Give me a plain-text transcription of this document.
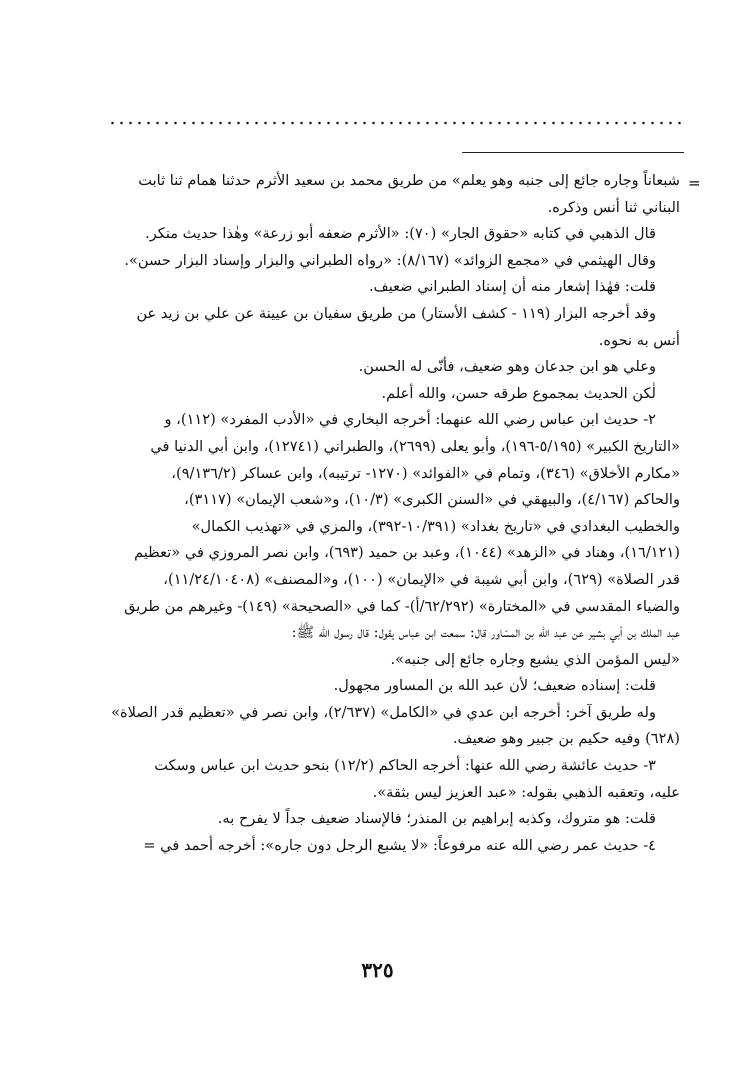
=
شبعاناً وجاره جائع إلى جنبه وهو يعلم» من طريق محمد بن سعيد الأثرم حدثنا همام ثنا ثابت
البناني ثنا أنس وذكره.
قال الذهبي في كتابه «حقوق الجار» (٧٠): «الأثرم ضعفه أبو زرعة» وهٰذا حديث منكر.
وقال الهيثمي في «مجمع الزوائد» (٨/١٦٧): «رواه الطبراني والبزار وإسناد البزار حسن».
قلت: فهٰذا إشعار منه أن إسناد الطبراني ضعيف.
وقد أخرجه البزار (١١٩ - كشف الأستار) من طريق سفيان بن عيينة عن علي بن زيد عن
أنس به نحوه.
وعلي هو ابن جدعان وهو ضعيف، فأنّى له الحسن.
لٰكن الحديث بمجموع طرقه حسن، والله أعلم.
٢- حديث ابن عباس رضي الله عنهما: أخرجه البخاري في «الأدب المفرد» (١١٢)، و
«التاريخ الكبير» (٥/١٩٥-١٩٦)، وأبو يعلى (٢٦٩٩)، والطبراني (١٢٧٤١)، وابن أبي الدنيا في
«مكارم الأخلاق» (٣٤٦)، وتمام في «الفوائد» (١٢٧٠- ترتيبه)، وابن عساكر (٩/١٣٦/٢)،
والحاكم (٤/١٦٧)، والبيهقي في «السنن الكبرى» (١٠/٣)، و«شعب الإيمان» (٣١١٧)،
والخطيب البغدادي في «تاريخ بغداد» (١٠/٣٩١-٣٩٢)، والمزي في «تهذيب الكمال»
(١٦/١٢١)، وهناد في «الزهد» (١٠٤٤)، وعبد بن حميد (٦٩٣)، وابن نصر المروزي في «تعظيم
قدر الصلاة» (٦٢٩)، وابن أبي شيبة في «الإيمان» (١٠٠)، و«المصنف» (١١/٢٤/١٠٤٠٨)،
والضياء المقدسي في «المختارة» (٦٢/٢٩٢/أ)- كما في «الصحيحة» (١٤٩)- وغيرهم من طريق
عبد الملك بن أبي بشير عن عبد الله بن المسّاور قال: سمعت ابن عباس يقول: قال رسول الله ﷺ:
«ليس المؤمن الذي يشبع وجاره جائع إلى جنبه».
قلت: إسناده ضعيف؛ لأن عبد الله بن المساور مجهول.
وله طريق آخر: أخرجه ابن عدي في «الكامل» (٢/٦٣٧)، وابن نصر في «تعظيم قدر الصلاة»
(٦٢٨) وفيه حكيم بن جبير وهو ضعيف.
٣- حديث عائشة رضي الله عنها: أخرجه الحاكم (١٢/٢) بنحو حديث ابن عباس وسكت
عليه، وتعقبه الذهبي بقوله: «عبد العزيز ليس بثقة».
قلت: هو متروك، وكذبه إبراهيم بن المنذر؛ فالإسناد ضعيف جداً لا يفرح به.
٤- حديث عمر رضي الله عنه مرفوعاً: «لا يشبع الرجل دون جاره»: أخرجه أحمد في =
٣٢٥
